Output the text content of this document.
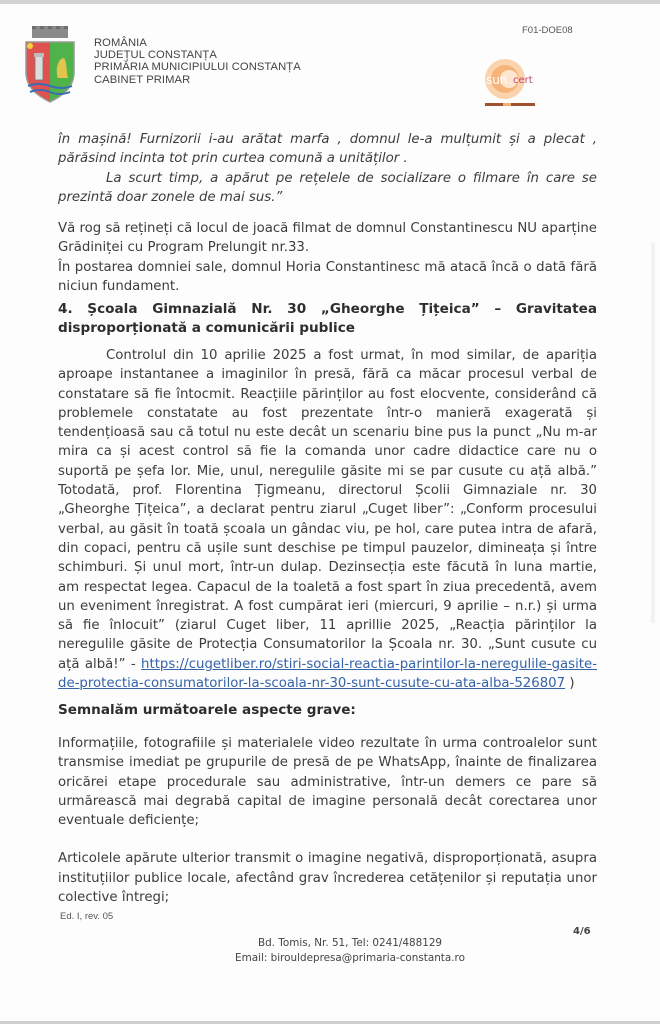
ROMÂNIA
JUDEȚUL CONSTANȚA
PRIMĂRIA MUNICIPIULUI CONSTANȚA
CABINET PRIMAR
F01-DOE08
sun cert

în mașină! Furnizorii i-au arătat marfa , domnul le-a mulțumit și a plecat , părăsind incinta tot prin curtea comună a unităților .

La scurt timp, a apărut pe rețelele de socializare o filmare în care se prezintă doar zonele de mai sus.”

Vă rog să rețineți că locul de joacă filmat de domnul Constantinescu NU aparține Grădiniței cu Program Prelungit nr.33.

În postarea domniei sale, domnul Horia Constantinesc mă atacă încă o dată fără niciun fundament.

4. Școala Gimnazială Nr. 30 „Gheorghe Țițeica” – Gravitatea disproporționată a comunicării publice

Controlul din 10 aprilie 2025 a fost urmat, în mod similar, de apariția aproape instantanee a imaginilor în presă, fără ca măcar procesul verbal de constatare să fie întocmit. Reacțiile părinților au fost elocvente, considerând că problemele constatate au fost prezentate într-o manieră exagerată și tendențioasă sau că totul nu este decât un scenariu bine pus la punct „Nu m-ar mira ca și acest control să fie la comanda unor cadre didactice care nu o suportă pe șefa lor. Mie, unul, neregulile găsite mi se par cusute cu ață albă.” Totodată, prof. Florentina Țigmeanu, directorul Școlii Gimnaziale nr. 30 „Gheorghe Țițeica”, a declarat pentru ziarul „Cuget liber”: „Conform procesului verbal, au găsit în toată școala un gândac viu, pe hol, care putea intra de afară, din copaci, pentru că ușile sunt deschise pe timpul pauzelor, dimineața și între schimburi. Și unul mort, într-un dulap. Dezinsecția este făcută în luna martie, am respectat legea. Capacul de la toaletă a fost spart în ziua precedentă, avem un eveniment înregistrat. A fost cumpărat ieri (miercuri, 9 aprilie – n.r.) și urma să fie înlocuit” (ziarul Cuget liber, 11 aprillie 2025, „Reacția părinților la neregulile găsite de Protecția Consumatorilor la Școala nr. 30. „Sunt cusute cu ață albă!” - https://cugetliber.ro/stiri-social-reactia-parintilor-la-neregulile-gasite-de-protectia-consumatorilor-la-scoala-nr-30-sunt-cusute-cu-ata-alba-526807 )

Semnalăm următoarele aspecte grave:

Informațiile, fotografiile și materialele video rezultate în urma controalelor sunt transmise imediat pe grupurile de presă de pe WhatsApp, înainte de finalizarea oricărei etape procedurale sau administrative, într-un demers ce pare să urmărească mai degrabă capital de imagine personală decât corectarea unor eventuale deficiențe;

Articolele apărute ulterior transmit o imagine negativă, disproporționată, asupra instituțiilor publice locale, afectând grav încrederea cetățenilor și reputația unor colective întregi;

Ed. I, rev. 05
4/6
Bd. Tomis, Nr. 51, Tel: 0241/488129
Email: birouldepresa@primaria-constanta.ro
